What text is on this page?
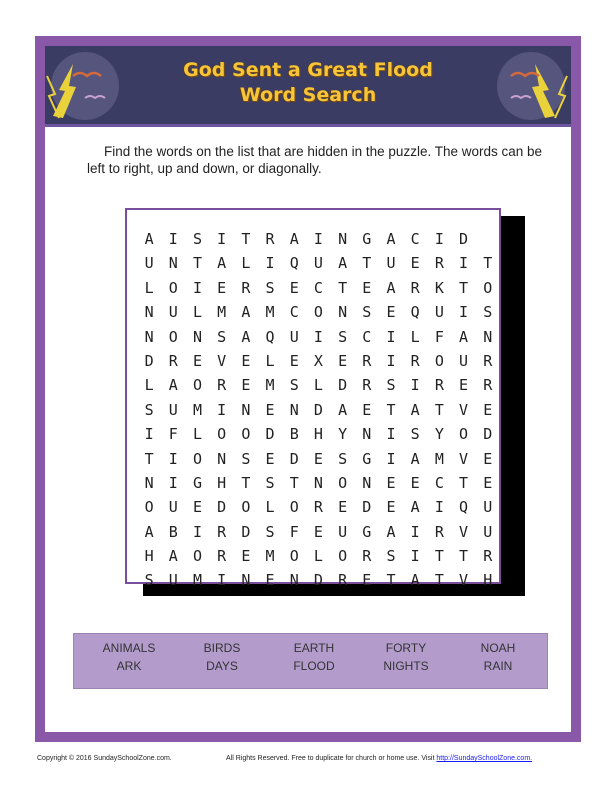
God Sent a Great Flood
Word Search
Find the words on the list that are hidden in the puzzle. The words can be left to right, up and down, or diagonally.
A I S I T R A I N G A C I D
U N T A L I Q U A T U E R I T
L O I E R S E C T E A R K T O
N U L M A M C O N S E Q U I S
N O N S A Q U I S C I L F A N
D R E V E L E X E R I R O U R
L A O R E M S L D R S I R E R
S U M I N E N D A E T A T V E
I F L O O D B H Y N I S Y O D
T I O N S E D E S G I A M V E
N I G H T S T N O N E E C T E
O U E D O L O R E D E A I Q U
A B I R D S F E U G A I R V U
H A O R E M O L O R S I T T R
S U M I N E N D R E T A T V H
ANIMALS	BIRDS	EARTH	FORTY	NOAH
ARK	DAYS	FLOOD	NIGHTS	RAIN
Copyright © 2016 SundaySchoolZone.com.	All Rights Reserved. Free to duplicate for church or home use. Visit http://SundaySchoolZone.com.
